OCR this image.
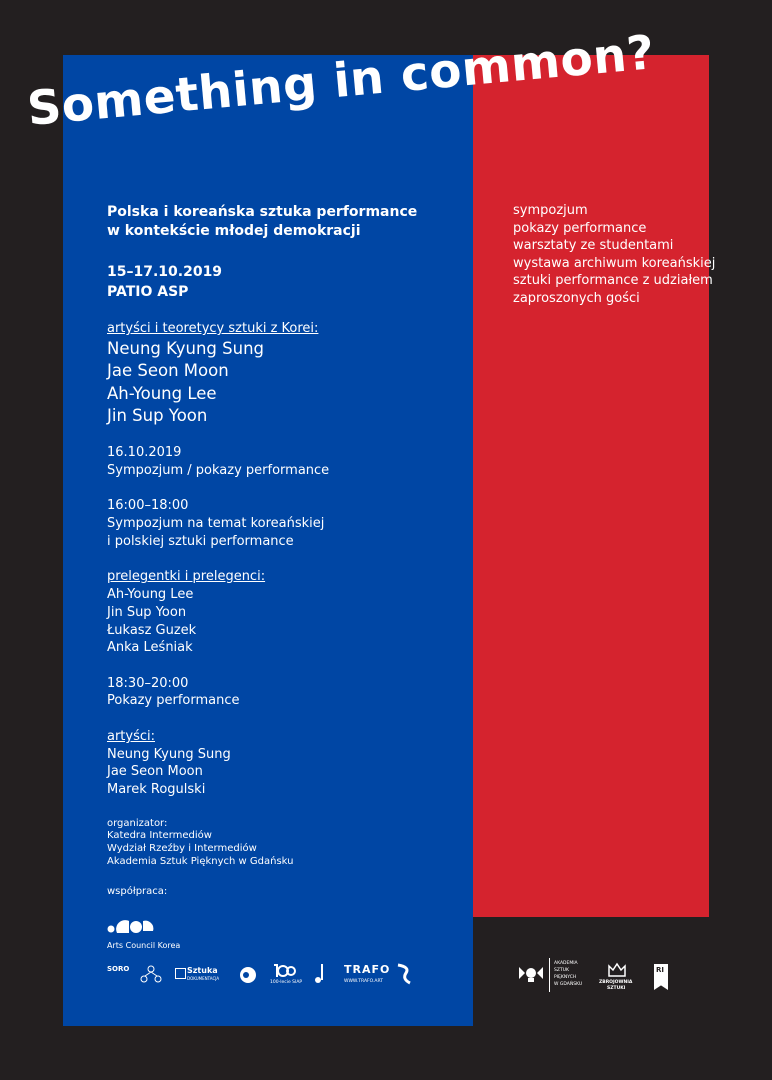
Something in common?
Polska i koreańska sztuka performance
w kontekście młodej demokracji
15–17.10.2019
PATIO ASP
artyści i teoretycy sztuki z Korei:
Neung Kyung Sung
Jae Seon Moon
Ah-Young Lee
Jin Sup Yoon
16.10.2019
Sympozjum / pokazy performance
16:00–18:00
Sympozjum na temat koreańskiej
i polskiej sztuki performance
prelegentki i prelegenci:
Ah-Young Lee
Jin Sup Yoon
Łukasz Guzek
Anka Leśniak
18:30–20:00
Pokazy performance
artyści:
Neung Kyung Sung
Jae Seon Moon
Marek Rogulski
organizator:
Katedra Intermediów
Wydział Rzeźby i Intermediów
Akademia Sztuk Pięknych w Gdańsku
współpraca:
Arts Council Korea
SORO	Sztuka
DOKUMENTACJA
100-lecie SIAP
TRAFO
WWW.TRAFO.ART
sympozjum
pokazy performance
warsztaty ze studentami
wystawa archiwum koreańskiej
sztuki performance z udziałem
zaproszonych gości
AKADEMIA
SZTUK
PIĘKNYCH
W GDAŃSKU	ZBROJOWNIA
SZTUKI
RI
